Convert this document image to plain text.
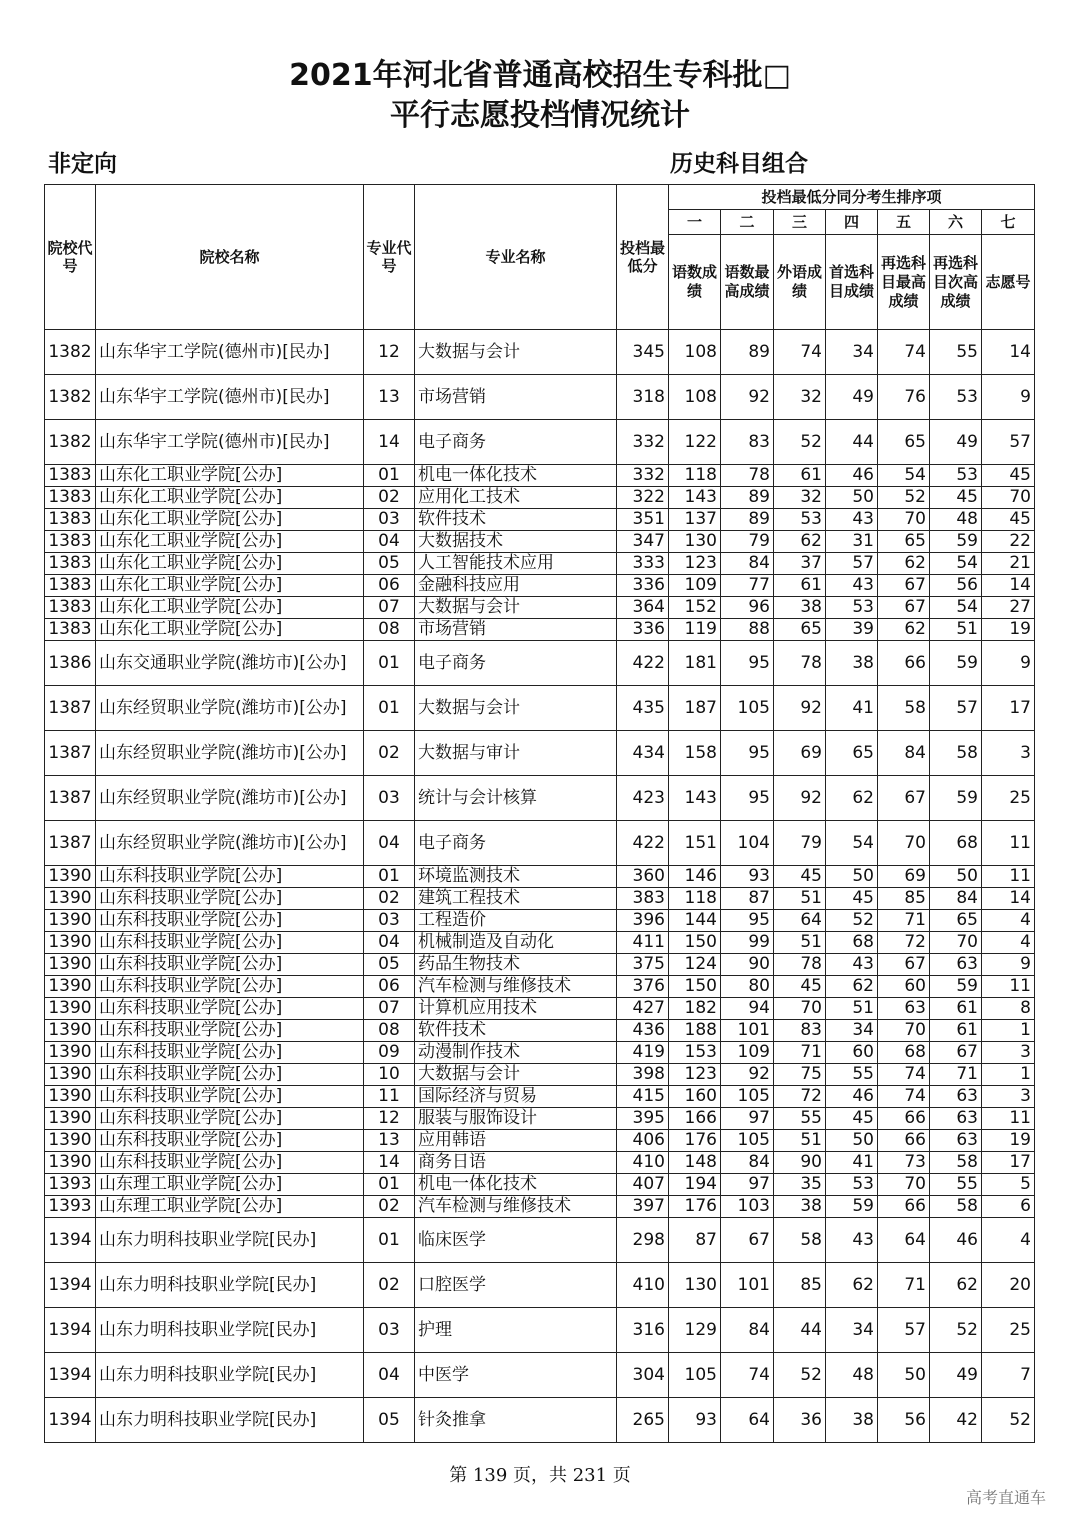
2021年河北省普通高校招生专科批□
平行志愿投档情况统计
非定向	历史科目组合
院校代号	院校名称	专业代号	专业名称	投档最低分	投档最低分同分考生排序项						
					一	二	三	四	五	六	七
					语数成绩	语数最高成绩	外语成绩	首选科目成绩	再选科目最高成绩	再选科目次高成绩	志愿号
1382	山东华宇工学院(德州市)[民办]	12	大数据与会计	345	108	89	74	34	74	55	14
1382	山东华宇工学院(德州市)[民办]	13	市场营销	318	108	92	32	49	76	53	9
1382	山东华宇工学院(德州市)[民办]	14	电子商务	332	122	83	52	44	65	49	57
1383	山东化工职业学院[公办]	01	机电一体化技术	332	118	78	61	46	54	53	45
1383	山东化工职业学院[公办]	02	应用化工技术	322	143	89	32	50	52	45	70
1383	山东化工职业学院[公办]	03	软件技术	351	137	89	53	43	70	48	45
1383	山东化工职业学院[公办]	04	大数据技术	347	130	79	62	31	65	59	22
1383	山东化工职业学院[公办]	05	人工智能技术应用	333	123	84	37	57	62	54	21
1383	山东化工职业学院[公办]	06	金融科技应用	336	109	77	61	43	67	56	14
1383	山东化工职业学院[公办]	07	大数据与会计	364	152	96	38	53	67	54	27
1383	山东化工职业学院[公办]	08	市场营销	336	119	88	65	39	62	51	19
1386	山东交通职业学院(潍坊市)[公办]	01	电子商务	422	181	95	78	38	66	59	9
1387	山东经贸职业学院(潍坊市)[公办]	01	大数据与会计	435	187	105	92	41	58	57	17
1387	山东经贸职业学院(潍坊市)[公办]	02	大数据与审计	434	158	95	69	65	84	58	3
1387	山东经贸职业学院(潍坊市)[公办]	03	统计与会计核算	423	143	95	92	62	67	59	25
1387	山东经贸职业学院(潍坊市)[公办]	04	电子商务	422	151	104	79	54	70	68	11
1390	山东科技职业学院[公办]	01	环境监测技术	360	146	93	45	50	69	50	11
1390	山东科技职业学院[公办]	02	建筑工程技术	383	118	87	51	45	85	84	14
1390	山东科技职业学院[公办]	03	工程造价	396	144	95	64	52	71	65	4
1390	山东科技职业学院[公办]	04	机械制造及自动化	411	150	99	51	68	72	70	4
1390	山东科技职业学院[公办]	05	药品生物技术	375	124	90	78	43	67	63	9
1390	山东科技职业学院[公办]	06	汽车检测与维修技术	376	150	80	45	62	60	59	11
1390	山东科技职业学院[公办]	07	计算机应用技术	427	182	94	70	51	63	61	8
1390	山东科技职业学院[公办]	08	软件技术	436	188	101	83	34	70	61	1
1390	山东科技职业学院[公办]	09	动漫制作技术	419	153	109	71	60	68	67	3
1390	山东科技职业学院[公办]	10	大数据与会计	398	123	92	75	55	74	71	1
1390	山东科技职业学院[公办]	11	国际经济与贸易	415	160	105	72	46	74	63	3
1390	山东科技职业学院[公办]	12	服装与服饰设计	395	166	97	55	45	66	63	11
1390	山东科技职业学院[公办]	13	应用韩语	406	176	105	51	50	66	63	19
1390	山东科技职业学院[公办]	14	商务日语	410	148	84	90	41	73	58	17
1393	山东理工职业学院[公办]	01	机电一体化技术	407	194	97	35	53	70	55	5
1393	山东理工职业学院[公办]	02	汽车检测与维修技术	397	176	103	38	59	66	58	6
1394	山东力明科技职业学院[民办]	01	临床医学	298	87	67	58	43	64	46	4
1394	山东力明科技职业学院[民办]	02	口腔医学	410	130	101	85	62	71	62	20
1394	山东力明科技职业学院[民办]	03	护理	316	129	84	44	34	57	52	25
1394	山东力明科技职业学院[民办]	04	中医学	304	105	74	52	48	50	49	7
1394	山东力明科技职业学院[民办]	05	针灸推拿	265	93	64	36	38	56	42	52
第 139 页，共 231 页
高考直通车
